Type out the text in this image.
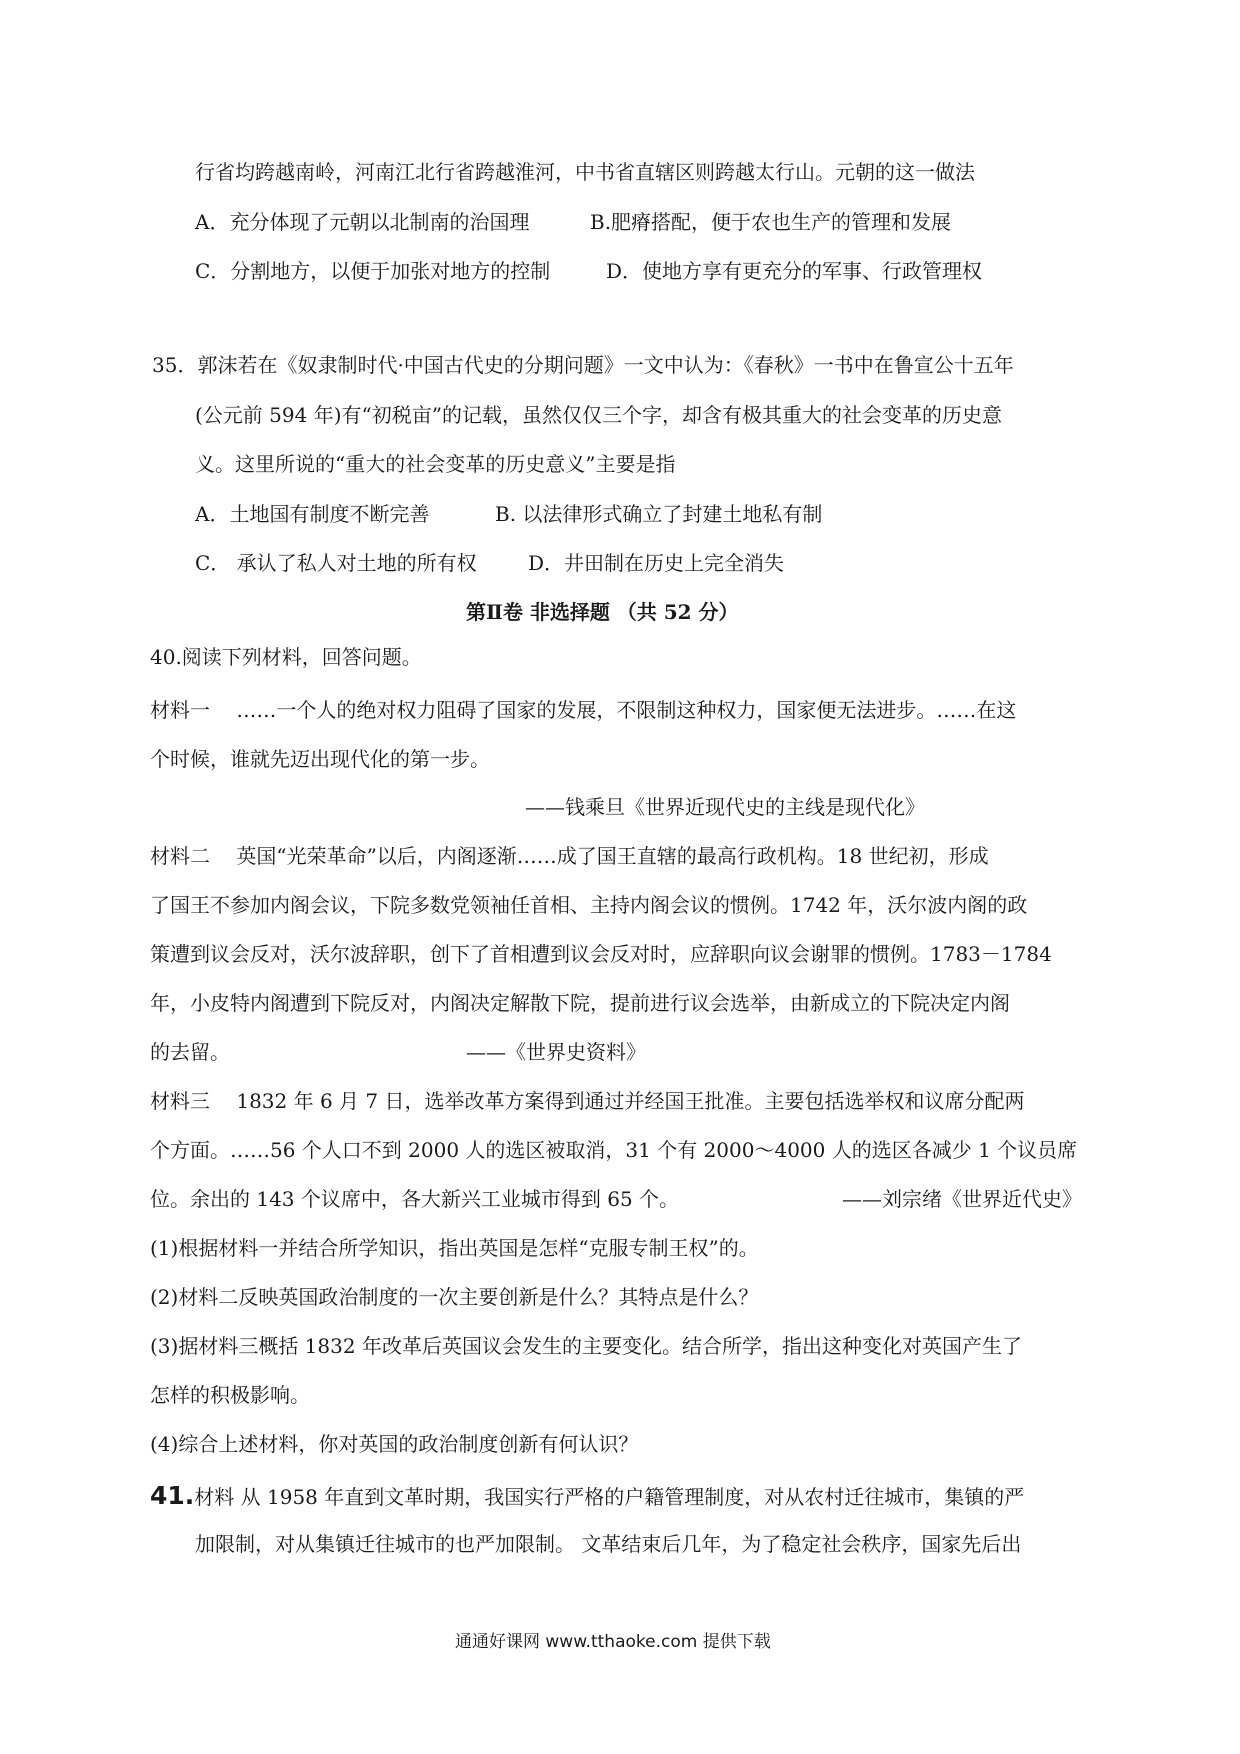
行省均跨越南岭，河南江北行省跨越淮河，中书省直辖区则跨越太行山。元朝的这一做法
A．充分体现了元朝以北制南的治国理	B.肥瘠搭配，便于农也生产的管理和发展
C．分割地方，以便于加张对地方的控制	D．使地方享有更充分的军事、行政管理权
35．郭沫若在《奴隶制时代·中国古代史的分期问题》一文中认为：《春秋》一书中在鲁宣公十五年
(公元前 594 年)有“初税亩”的记载，虽然仅仅三个字，却含有极其重大的社会变革的历史意
义。这里所说的“重大的社会变革的历史意义”主要是指
A．土地国有制度不断完善	B. 以法律形式确立了封建土地私有制
C． 承认了私人对土地的所有权	D．井田制在历史上完全消失
第Ⅱ卷 非选择题 （共 52 分）
40.阅读下列材料，回答问题。
材料一　 ……一个人的绝对权力阻碍了国家的发展，不限制这种权力，国家便无法进步。……在这
个时候，谁就先迈出现代化的第一步。
——钱乘旦《世界近现代史的主线是现代化》
材料二　 英国“光荣革命”以后，内阁逐渐……成了国王直辖的最高行政机构。18 世纪初，形成
了国王不参加内阁会议，下院多数党领袖任首相、主持内阁会议的惯例。1742 年，沃尔波内阁的政
策遭到议会反对，沃尔波辞职，创下了首相遭到议会反对时，应辞职向议会谢罪的惯例。1783－1784
年，小皮特内阁遭到下院反对，内阁决定解散下院，提前进行议会选举，由新成立的下院决定内阁
的去留。	——《世界史资料》
材料三　 1832 年 6 月 7 日，选举改革方案得到通过并经国王批准。主要包括选举权和议席分配两
个方面。……56 个人口不到 2000 人的选区被取消，31 个有 2000～4000 人的选区各减少 1 个议员席
位。余出的 143 个议席中，各大新兴工业城市得到 65 个。	——刘宗绪《世界近代史》
(1)根据材料一并结合所学知识，指出英国是怎样“克服专制王权”的。
(2)材料二反映英国政治制度的一次主要创新是什么？其特点是什么？
(3)据材料三概括 1832 年改革后英国议会发生的主要变化。结合所学，指出这种变化对英国产生了
怎样的积极影响。
(4)综合上述材料，你对英国的政治制度创新有何认识？
41.材料 从 1958 年直到文革时期，我国实行严格的户籍管理制度，对从农村迁往城市，集镇的严
加限制，对从集镇迁往城市的也严加限制。 文革结束后几年，为了稳定社会秩序，国家先后出
通通好课网 www.tthaoke.com 提供下载
